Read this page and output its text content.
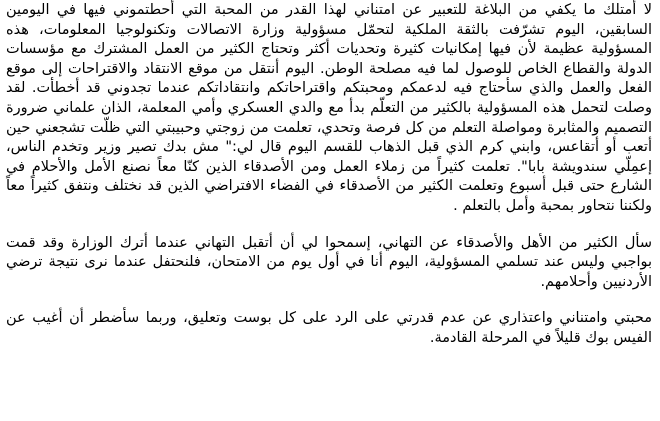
لا أمتلك ما يكفي من البلاغة للتعبير عن امتناني لهذا القدر من المحبة التي أحطتموني فيها في اليومين السابقين، اليوم تشرّفت بالثقة الملكية لتحمّل مسؤولية وزارة الاتصالات وتكنولوجيا المعلومات، هذه المسؤولية عظيمة لأن فيها إمكانيات كثيرة وتحديات أكثر وتحتاج الكثير من العمل المشترك مع مؤسسات الدولة والقطاع الخاص للوصول لما فيه مصلحة الوطن. اليوم أنتقل من موقع الانتقاد والاقتراحات إلى موقع الفعل والعمل والذي سأحتاج فيه لدعمكم ومحبتكم واقتراحاتكم وانتقاداتكم عندما تجدوني قد أخطأت. لقد وصلت لتحمل هذه المسؤولية بالكثير من التعلّم بدأ مع والدي العسكري وأمي المعلمة، الذان علماني ضرورة التصميم والمثابرة ومواصلة التعلم من كل فرصة وتحدي، تعلمت من زوجتي وحبيبتي التي ظلّت تشجعني حين أتعب أو أتقاعس، وابني كرم الذي قبل الذهاب للقسم اليوم قال لي:" مش بدك تصير وزير وتخدم الناس، إعمِلّي سندويشة بابا". تعلمت كثيراً من زملاء العمل ومن الأصدقاء الذين كنّا معاً نصنع الأمل والأحلام في الشارع حتى قبل أسبوع وتعلمت الكثير من الأصدقاء في الفضاء الافتراضي الذين قد نختلف ونتفق كثيراً معاً ولكننا نتحاور بمحبة وأمل بالتعلم .

سأل الكثير من الأهل والأصدقاء عن التهاني، إسمحوا لي أن أتقبل التهاني عندما أترك الوزارة وقد قمت بواجبي وليس عند تسلمي المسؤولية، اليوم أنا في أول يوم من الامتحان، فلنحتفل عندما نرى نتيجة ترضي الأردنيين وأحلامهم.

محبتي وامتناني واعتذاري عن عدم قدرتي على الرد على كل بوست وتعليق، وربما سأضطر أن أغيب عن الفيس بوك قليلاً في المرحلة القادمة.
